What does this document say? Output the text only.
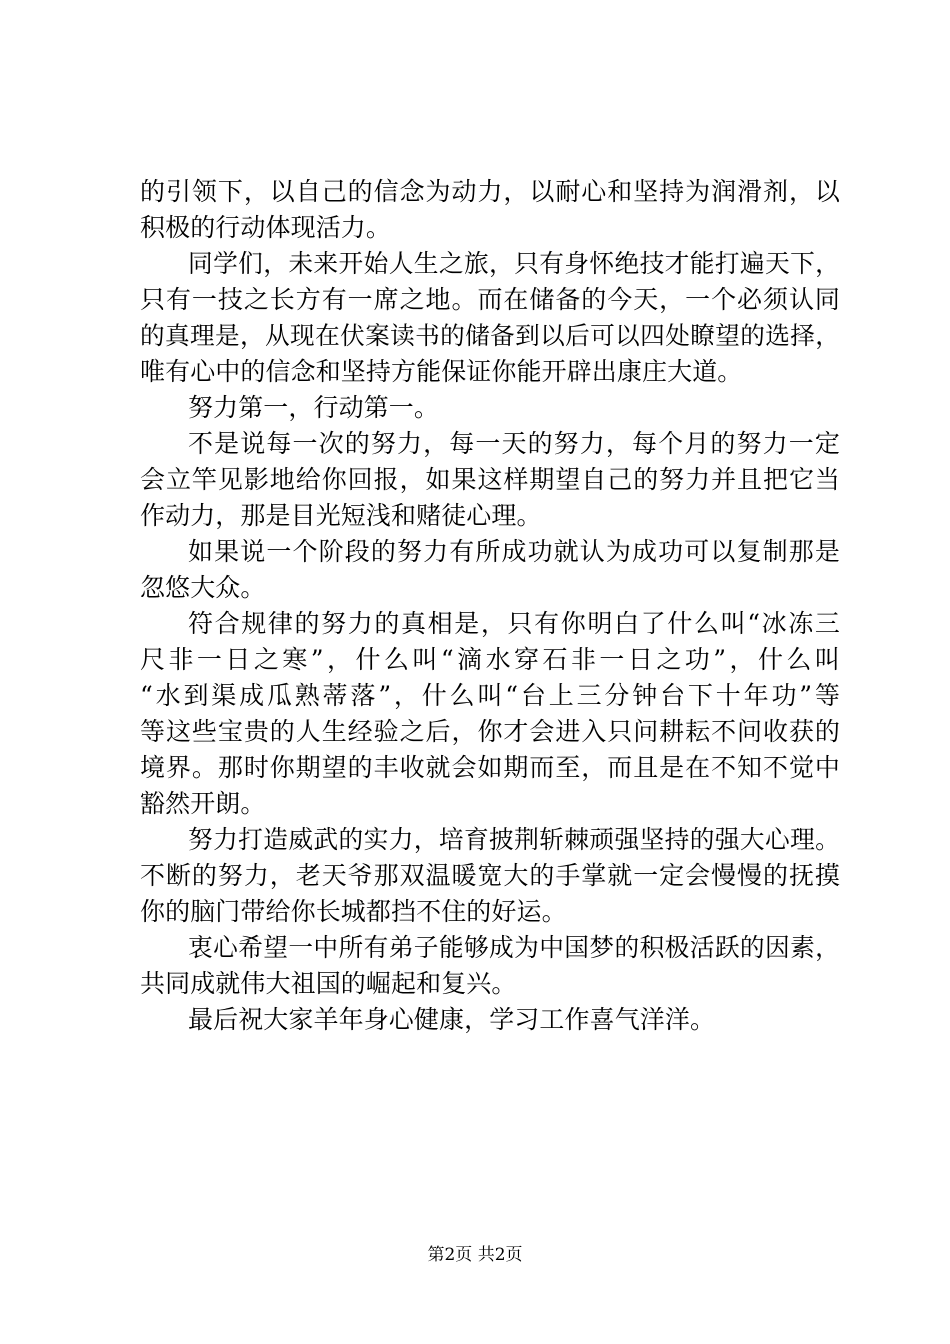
的引领下，以自己的信念为动力，以耐心和坚持为润滑剂，以
积极的行动体现活力。
同学们，未来开始人生之旅，只有身怀绝技才能打遍天下，
只有一技之长方有一席之地。而在储备的今天，一个必须认同
的真理是，从现在伏案读书的储备到以后可以四处瞭望的选择，
唯有心中的信念和坚持方能保证你能开辟出康庄大道。
努力第一，行动第一。
不是说每一次的努力，每一天的努力，每个月的努力一定
会立竿见影地给你回报，如果这样期望自己的努力并且把它当
作动力，那是目光短浅和赌徒心理。
如果说一个阶段的努力有所成功就认为成功可以复制那是
忽悠大众。
符合规律的努力的真相是，只有你明白了什么叫“冰冻三
尺非一日之寒”，什么叫“滴水穿石非一日之功”，什么叫
“水到渠成瓜熟蒂落”，什么叫“台上三分钟台下十年功”等
等这些宝贵的人生经验之后，你才会进入只问耕耘不问收获的
境界。那时你期望的丰收就会如期而至，而且是在不知不觉中
豁然开朗。
努力打造威武的实力，培育披荆斩棘顽强坚持的强大心理。
不断的努力，老天爷那双温暖宽大的手掌就一定会慢慢的抚摸
你的脑门带给你长城都挡不住的好运。
衷心希望一中所有弟子能够成为中国梦的积极活跃的因素，
共同成就伟大祖国的崛起和复兴。
最后祝大家羊年身心健康，学习工作喜气洋洋。
第2页 共2页
